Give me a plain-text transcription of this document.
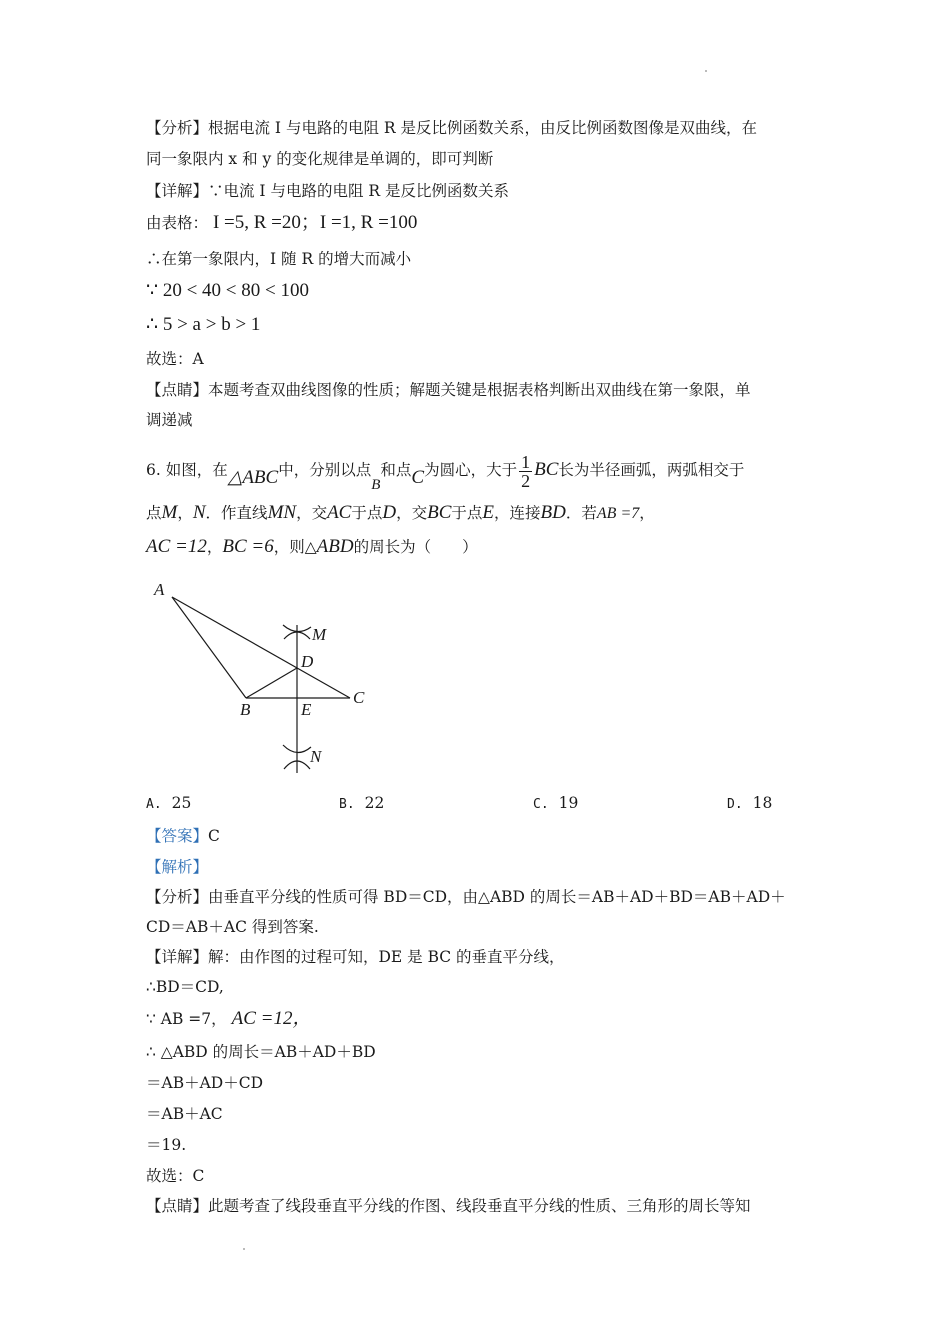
【分析】根据电流 I 与电路的电阻 R 是反比例函数关系，由反比例函数图像是双曲线，在
同一象限内 x 和 y 的变化规律是单调的，即可判断
【详解】∵电流 I 与电路的电阻 R 是反比例函数关系
由表格： I =5, R =20；I =1, R =100
∴在第一象限内，I 随 R 的增大而减小
∵ 20 < 40 < 80 < 100
∴ 5 > a > b > 1
故选：A
【点睛】本题考查双曲线图像的性质；解题关键是根据表格判断出双曲线在第一象限，单
调递减
6. 如图，在△ABC中，分别以点B和点C为圆心，大于 $\frac{1}{2}$ BC长为半径画弧，两弧相交于
点M，N．作直线MN，交AC于点D，交BC于点E，连接BD．若AB =7，
AC =12，BC =6，则△ABD的周长为（　　）
A
B
C
D
E
M
N
A. 25	B. 22	C. 19	D. 18
【答案】C
【解析】
【分析】由垂直平分线的性质可得 BD＝CD，由△ABD 的周长＝AB＋AD＋BD＝AB＋AD＋
CD＝AB＋AC 得到答案.
【详解】解：由作图的过程可知，DE 是 BC 的垂直平分线，
∴BD＝CD,
∵ AB =7， AC =12，
∴ △ABD 的周长＝AB＋AD＋BD
＝AB＋AD＋CD
＝AB＋AC
＝19.
故选：C
【点睛】此题考查了线段垂直平分线的作图、线段垂直平分线的性质、三角形的周长等知
